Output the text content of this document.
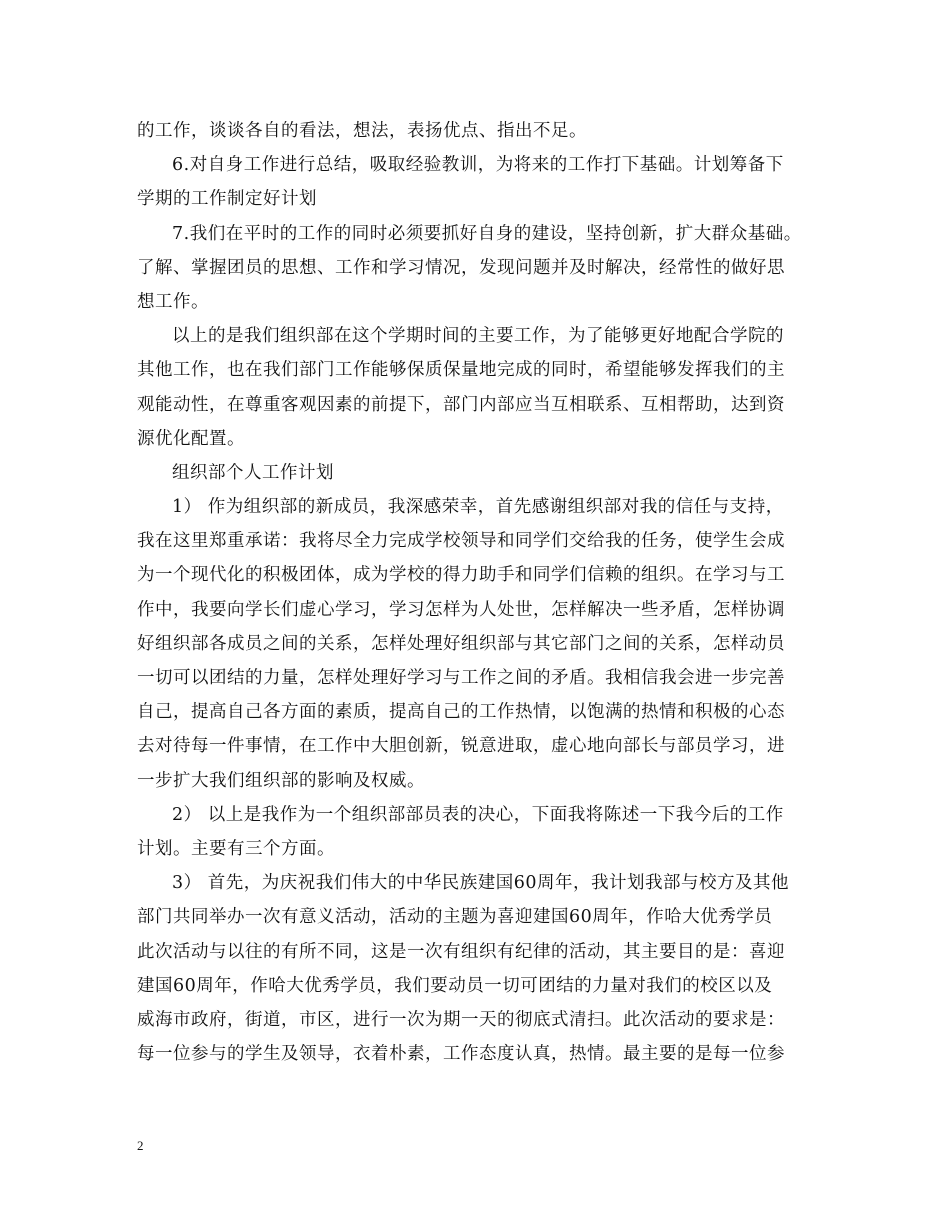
的工作，谈谈各自的看法，想法，表扬优点、指出不足。
6.对自身工作进行总结，吸取经验教训，为将来的工作打下基础。计划筹备下
学期的工作制定好计划
7.我们在平时的工作的同时必须要抓好自身的建设，坚持创新，扩大群众基础。
了解、掌握团员的思想、工作和学习情况，发现问题并及时解决，经常性的做好思
想工作。
以上的是我们组织部在这个学期时间的主要工作，为了能够更好地配合学院的
其他工作，也在我们部门工作能够保质保量地完成的同时，希望能够发挥我们的主
观能动性，在尊重客观因素的前提下，部门内部应当互相联系、互相帮助，达到资
源优化配置。
组织部个人工作计划
1） 作为组织部的新成员，我深感荣幸，首先感谢组织部对我的信任与支持，
我在这里郑重承诺：我将尽全力完成学校领导和同学们交给我的任务，使学生会成
为一个现代化的积极团体，成为学校的得力助手和同学们信赖的组织。在学习与工
作中，我要向学长们虚心学习，学习怎样为人处世，怎样解决一些矛盾，怎样协调
好组织部各成员之间的关系，怎样处理好组织部与其它部门之间的关系，怎样动员
一切可以团结的力量，怎样处理好学习与工作之间的矛盾。我相信我会进一步完善
自己，提高自己各方面的素质，提高自己的工作热情，以饱满的热情和积极的心态
去对待每一件事情，在工作中大胆创新，锐意进取，虚心地向部长与部员学习，进
一步扩大我们组织部的影响及权威。
2） 以上是我作为一个组织部部员表的决心，下面我将陈述一下我今后的工作
计划。主要有三个方面。
3） 首先，为庆祝我们伟大的中华民族建国60周年，我计划我部与校方及其他
部门共同举办一次有意义活动，活动的主题为喜迎建国60周年，作哈大优秀学员
此次活动与以往的有所不同，这是一次有组织有纪律的活动，其主要目的是：喜迎
建国60周年，作哈大优秀学员，我们要动员一切可团结的力量对我们的校区以及
威海市政府，街道，市区，进行一次为期一天的彻底式清扫。此次活动的要求是：
每一位参与的学生及领导，衣着朴素，工作态度认真，热情。最主要的是每一位参
2
